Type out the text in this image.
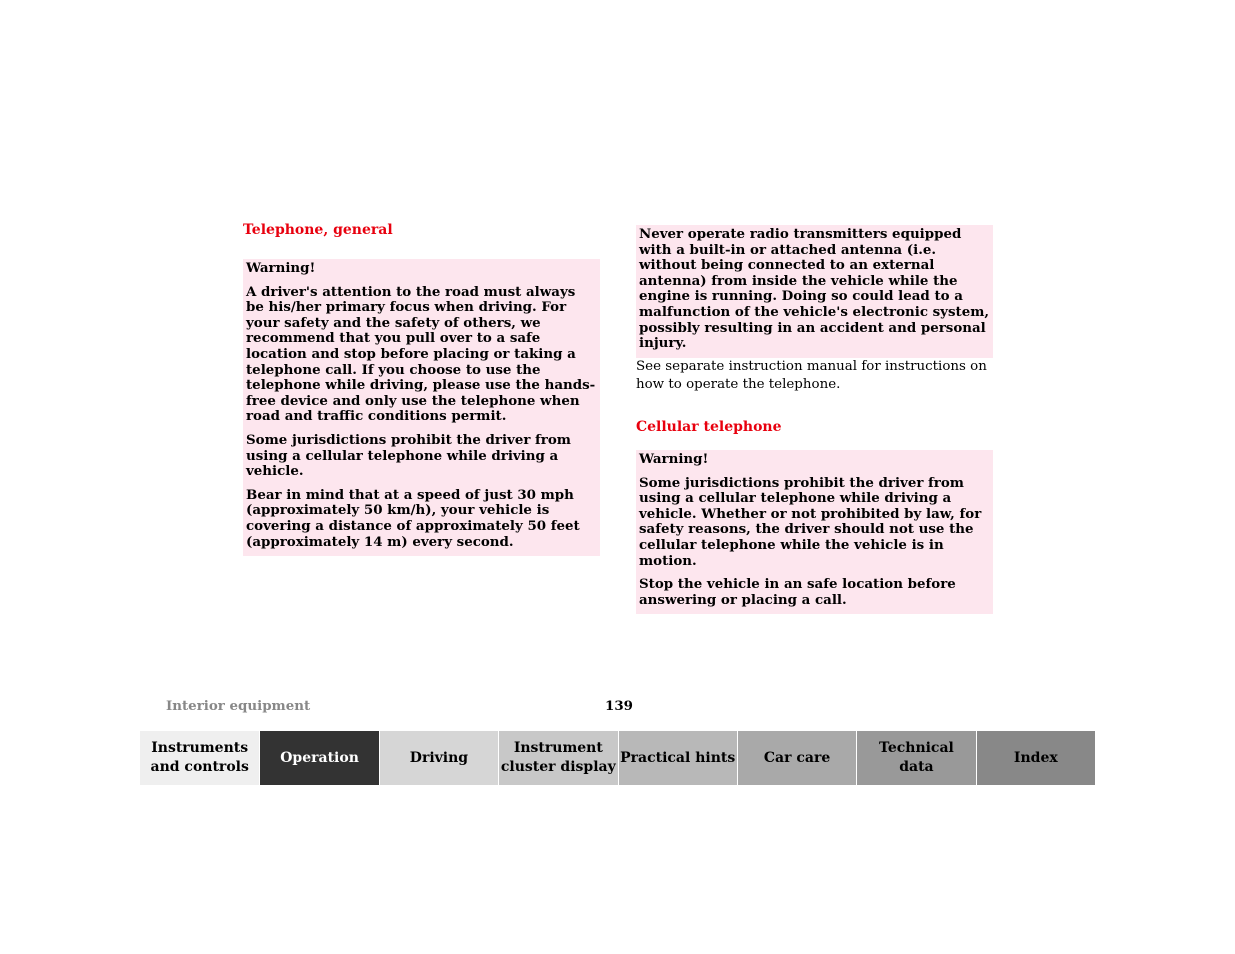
Telephone, general

Warning!

A driver's attention to the road must always be his/her primary focus when driving. For your safety and the safety of others, we recommend that you pull over to a safe location and stop before placing or taking a telephone call. If you choose to use the telephone while driving, please use the hands-free device and only use the telephone when road and traffic conditions permit.

Some jurisdictions prohibit the driver from using a cellular telephone while driving a vehicle.

Bear in mind that at a speed of just 30 mph (approximately 50 km/h), your vehicle is covering a distance of approximately 50 feet (approximately 14 m) every second.

Never operate radio transmitters equipped with a built-in or attached antenna (i.e. without being connected to an external antenna) from inside the vehicle while the engine is running. Doing so could lead to a malfunction of the vehicle's electronic system, possibly resulting in an accident and personal injury.

See separate instruction manual for instructions on how to operate the telephone.

Cellular telephone

Warning!

Some jurisdictions prohibit the driver from using a cellular telephone while driving a vehicle. Whether or not prohibited by law, for safety reasons, the driver should not use the cellular telephone while the vehicle is in motion.

Stop the vehicle in an safe location before answering or placing a call.

Interior equipment	139
Instruments
and controls
Operation	Driving
Instrument
cluster display
Practical hints	Car care
Technical
data
Index
